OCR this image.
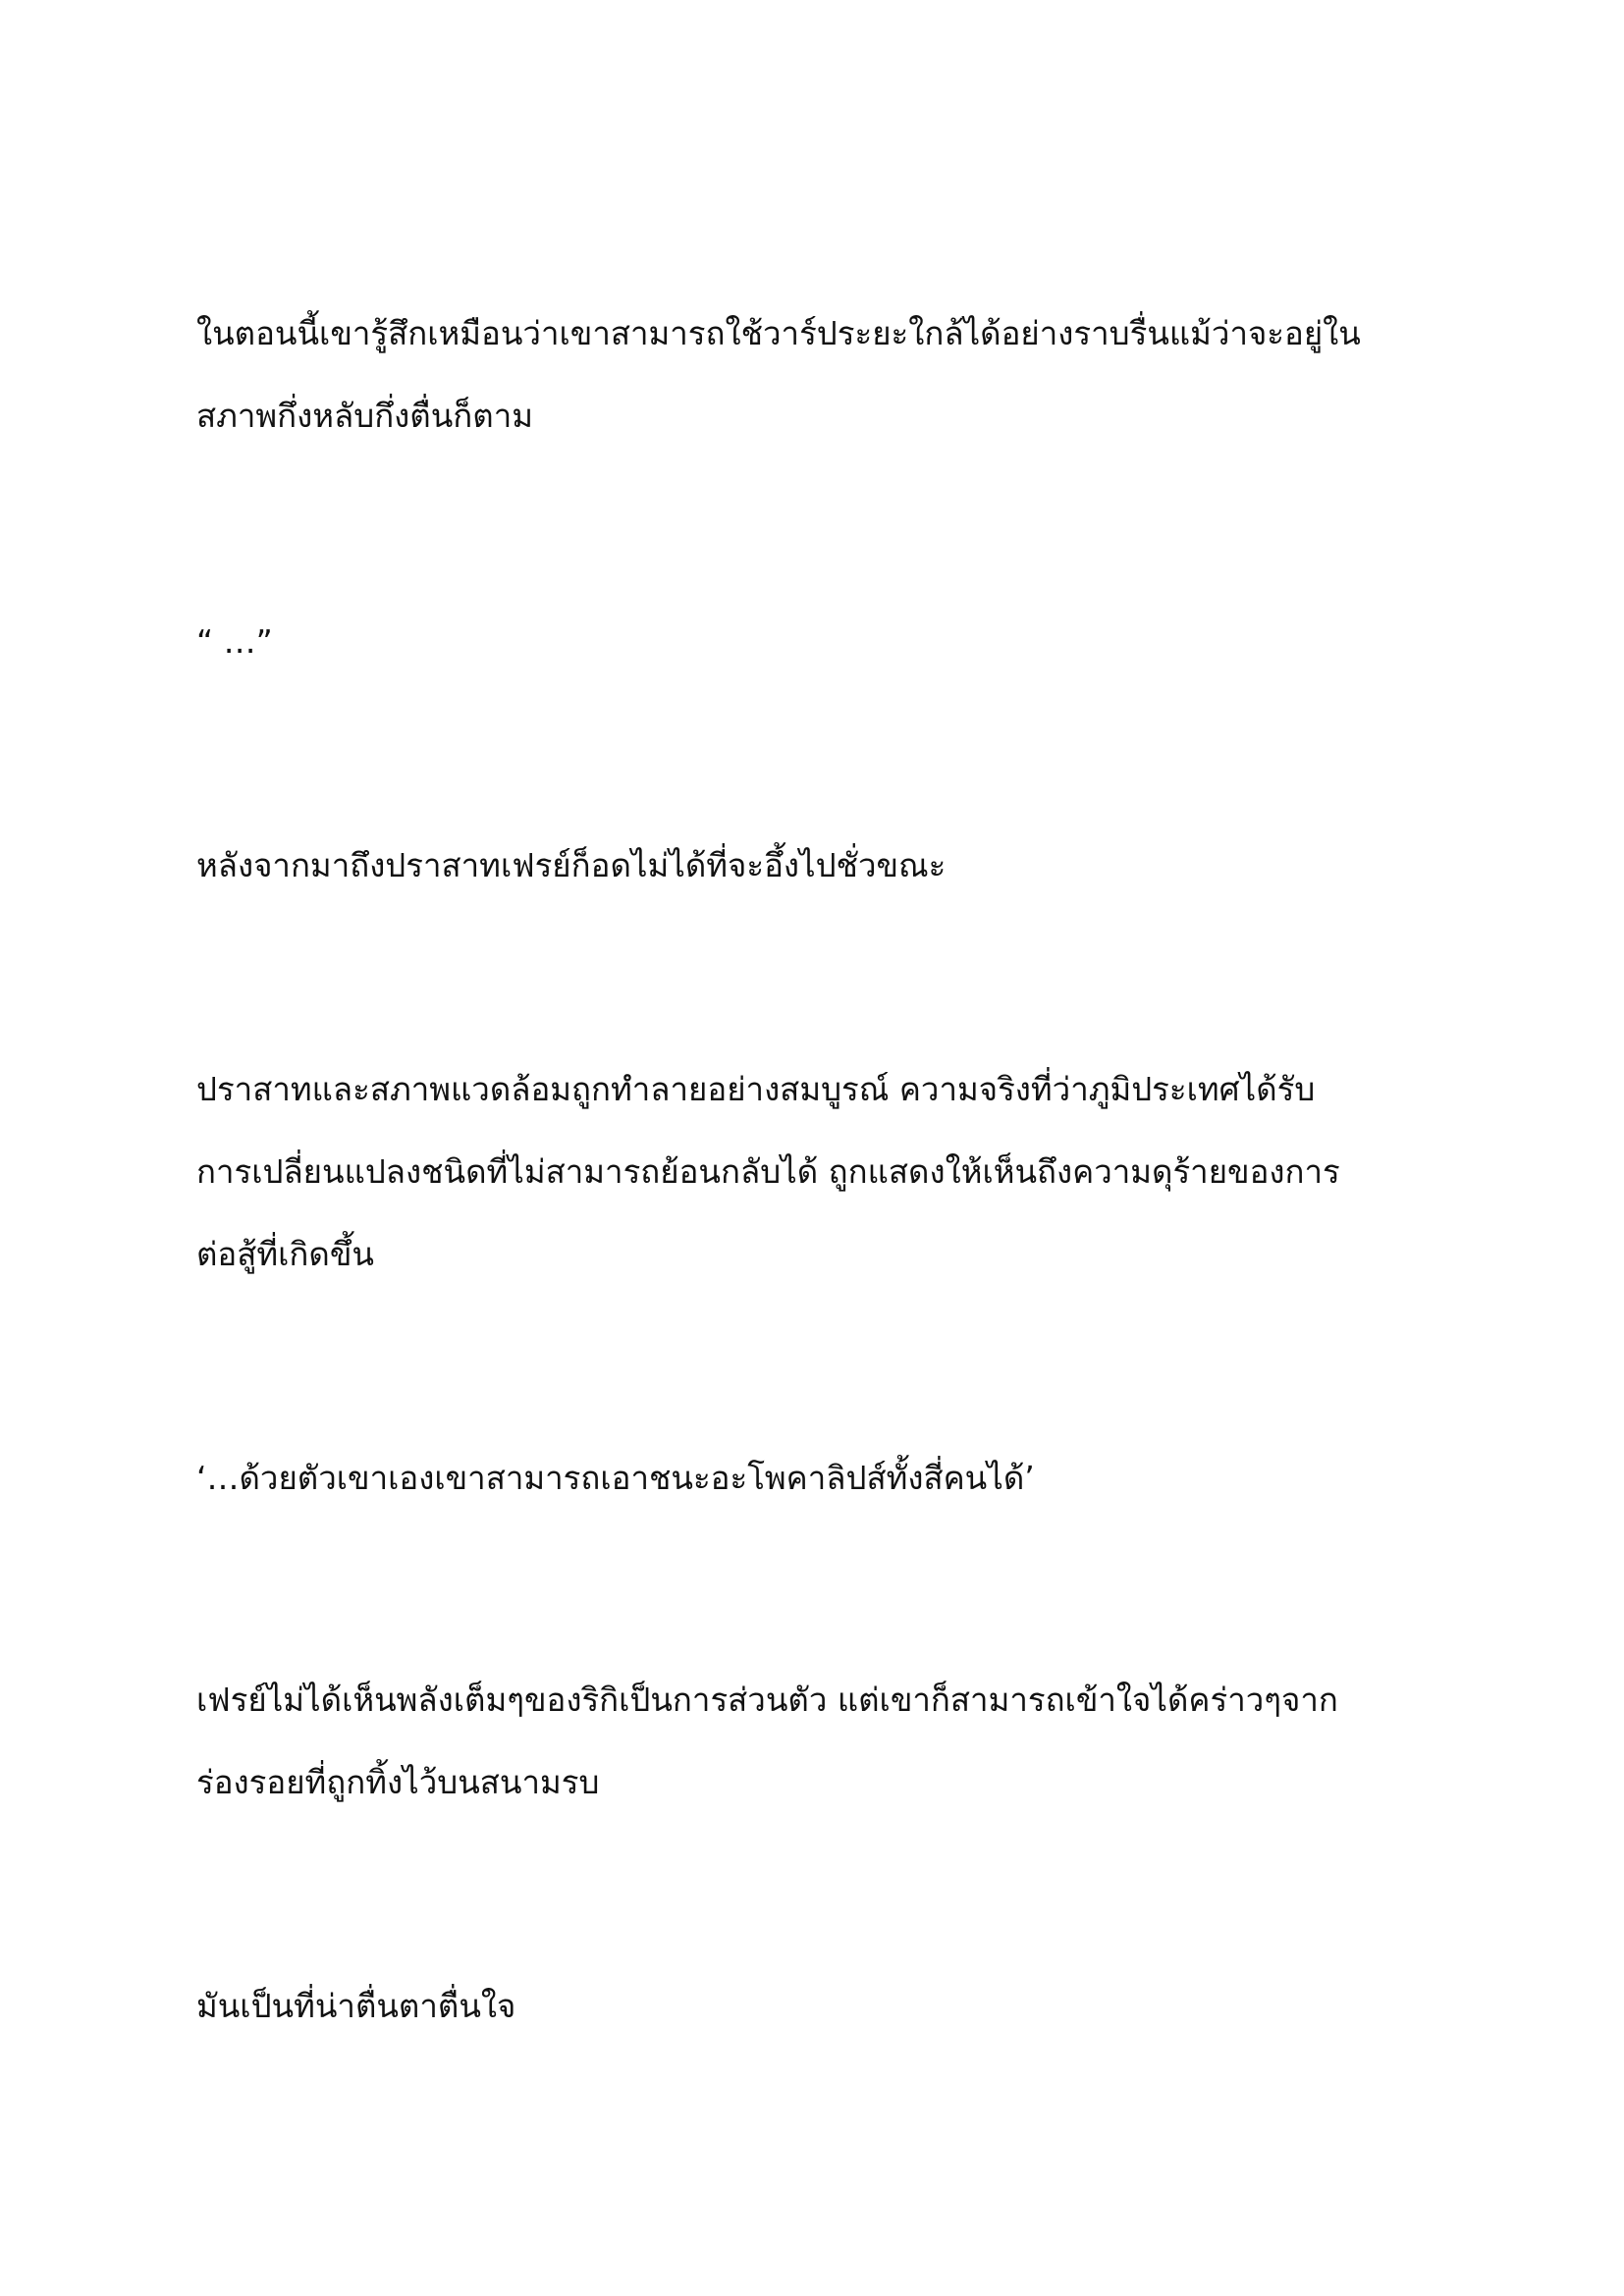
ในตอนนี้เขารู้สึกเหมือนว่าเขาสามารถใช้วาร์ประยะใกล้ได้อย่างราบรื่นแม้ว่าจะอยู่ใน
สภาพกึ่งหลับกึ่งตื่นก็ตาม

“ …”

หลังจากมาถึงปราสาทเฟรย์ก็อดไม่ได้ที่จะอึ้งไปชั่วขณะ

ปราสาทและสภาพแวดล้อมถูกทำลายอย่างสมบูรณ์ ความจริงที่ว่าภูมิประเทศได้รับ
การเปลี่ยนแปลงชนิดที่ไม่สามารถย้อนกลับได้ ถูกแสดงให้เห็นถึงความดุร้ายของการ
ต่อสู้ที่เกิดขึ้น

‘…ด้วยตัวเขาเองเขาสามารถเอาชนะอะโพคาลิปส์ทั้งสี่คนได้’

เฟรย์ไม่ได้เห็นพลังเต็มๆของริกิเป็นการส่วนตัว แต่เขาก็สามารถเข้าใจได้คร่าวๆจาก
ร่องรอยที่ถูกทิ้งไว้บนสนามรบ

มันเป็นที่น่าตื่นตาตื่นใจ
